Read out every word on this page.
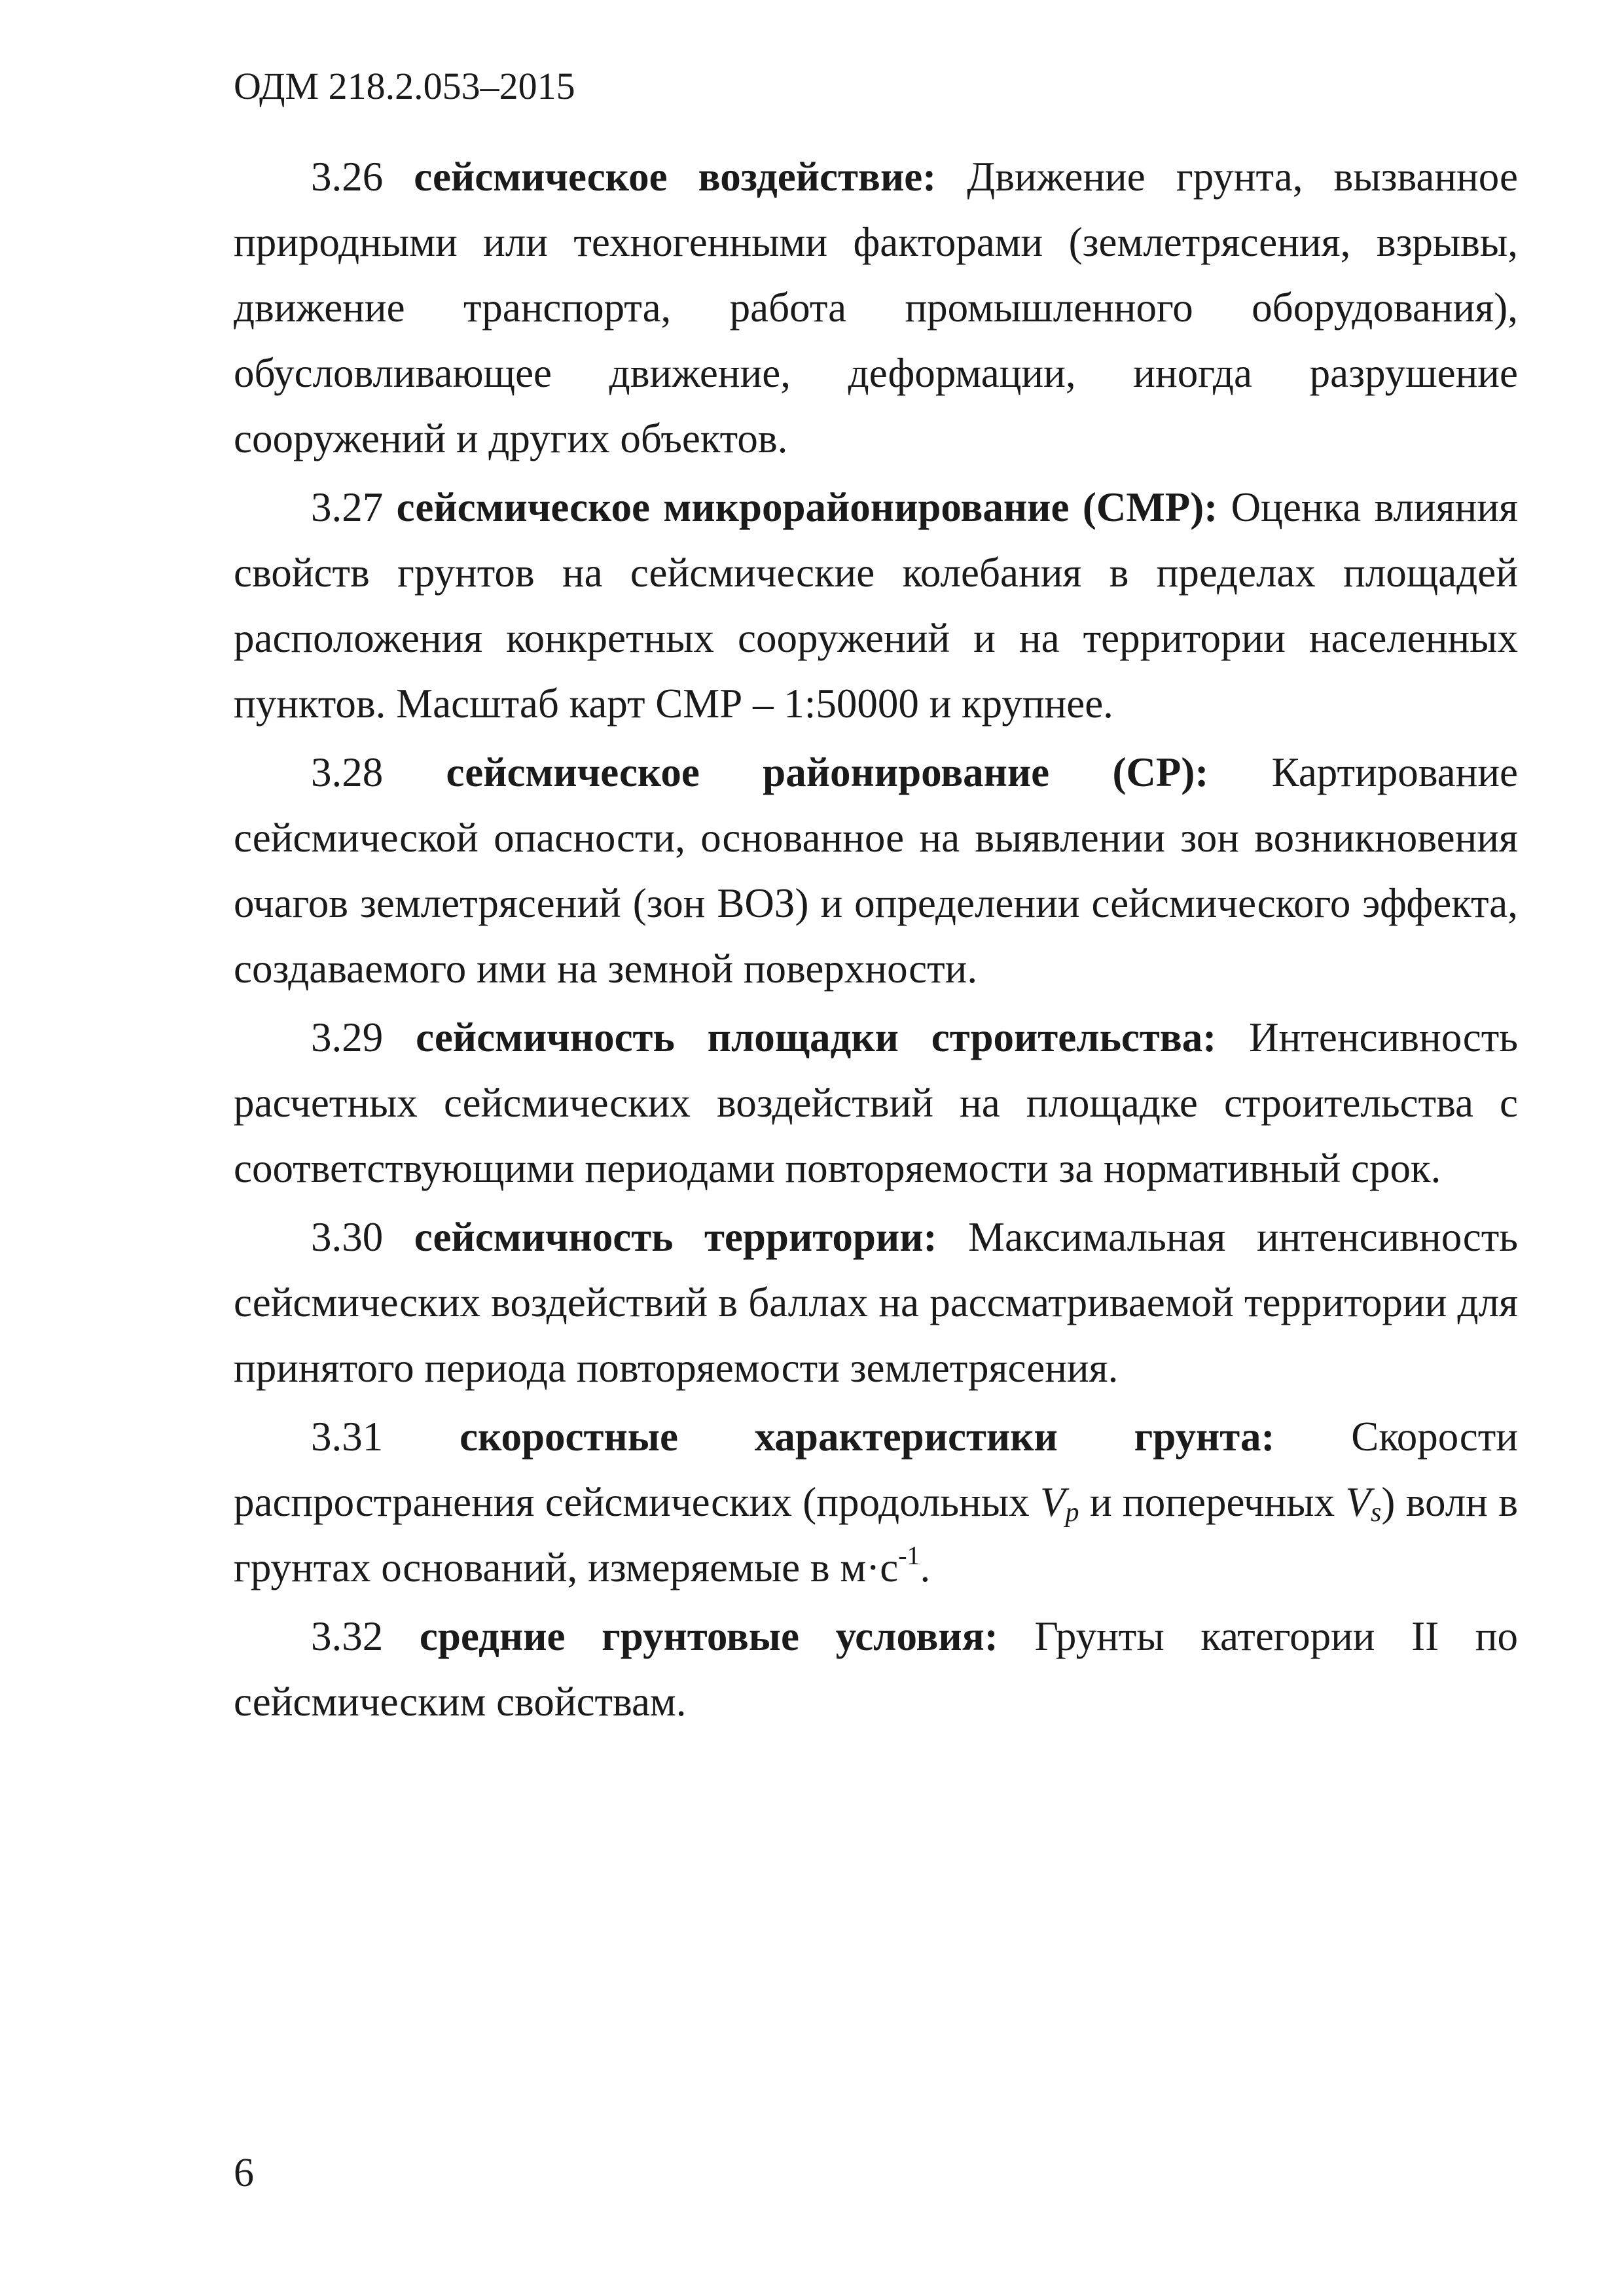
ОДМ 218.2.053–2015

3.26 сейсмическое воздействие: Движение грунта, вызванное природными или техногенными факторами (землетрясения, взрывы, движение транспорта, работа промышленного оборудования), обусловливающее движение, деформации, иногда разрушение сооружений и других объектов.

3.27 сейсмическое микрорайонирование (СМР): Оценка влияния свойств грунтов на сейсмические колебания в пределах площадей расположения конкретных сооружений и на территории населенных пунктов. Масштаб карт СМР – 1:50000 и крупнее.

3.28 сейсмическое районирование (СР): Картирование сейсмической опасности, основанное на выявлении зон возникновения очагов землетрясений (зон ВОЗ) и определении сейсмического эффекта, создаваемого ими на земной поверхности.

3.29 сейсмичность площадки строительства: Интенсивность расчетных сейсмических воздействий на площадке строительства с соответствующими периодами повторяемости за нормативный срок.

3.30 сейсмичность территории: Максимальная интенсивность сейсмических воздействий в баллах на рассматриваемой территории для принятого периода повторяемости землетрясения.

3.31 скоростные характеристики грунта: Скорости распространения сейсмических (продольных $V_p$ и поперечных $V_s$) волн в грунтах оснований, измеряемые в $м\cdot с^{-1}$.

3.32 средние грунтовые условия: Грунты категории II по сейсмическим свойствам.

6
